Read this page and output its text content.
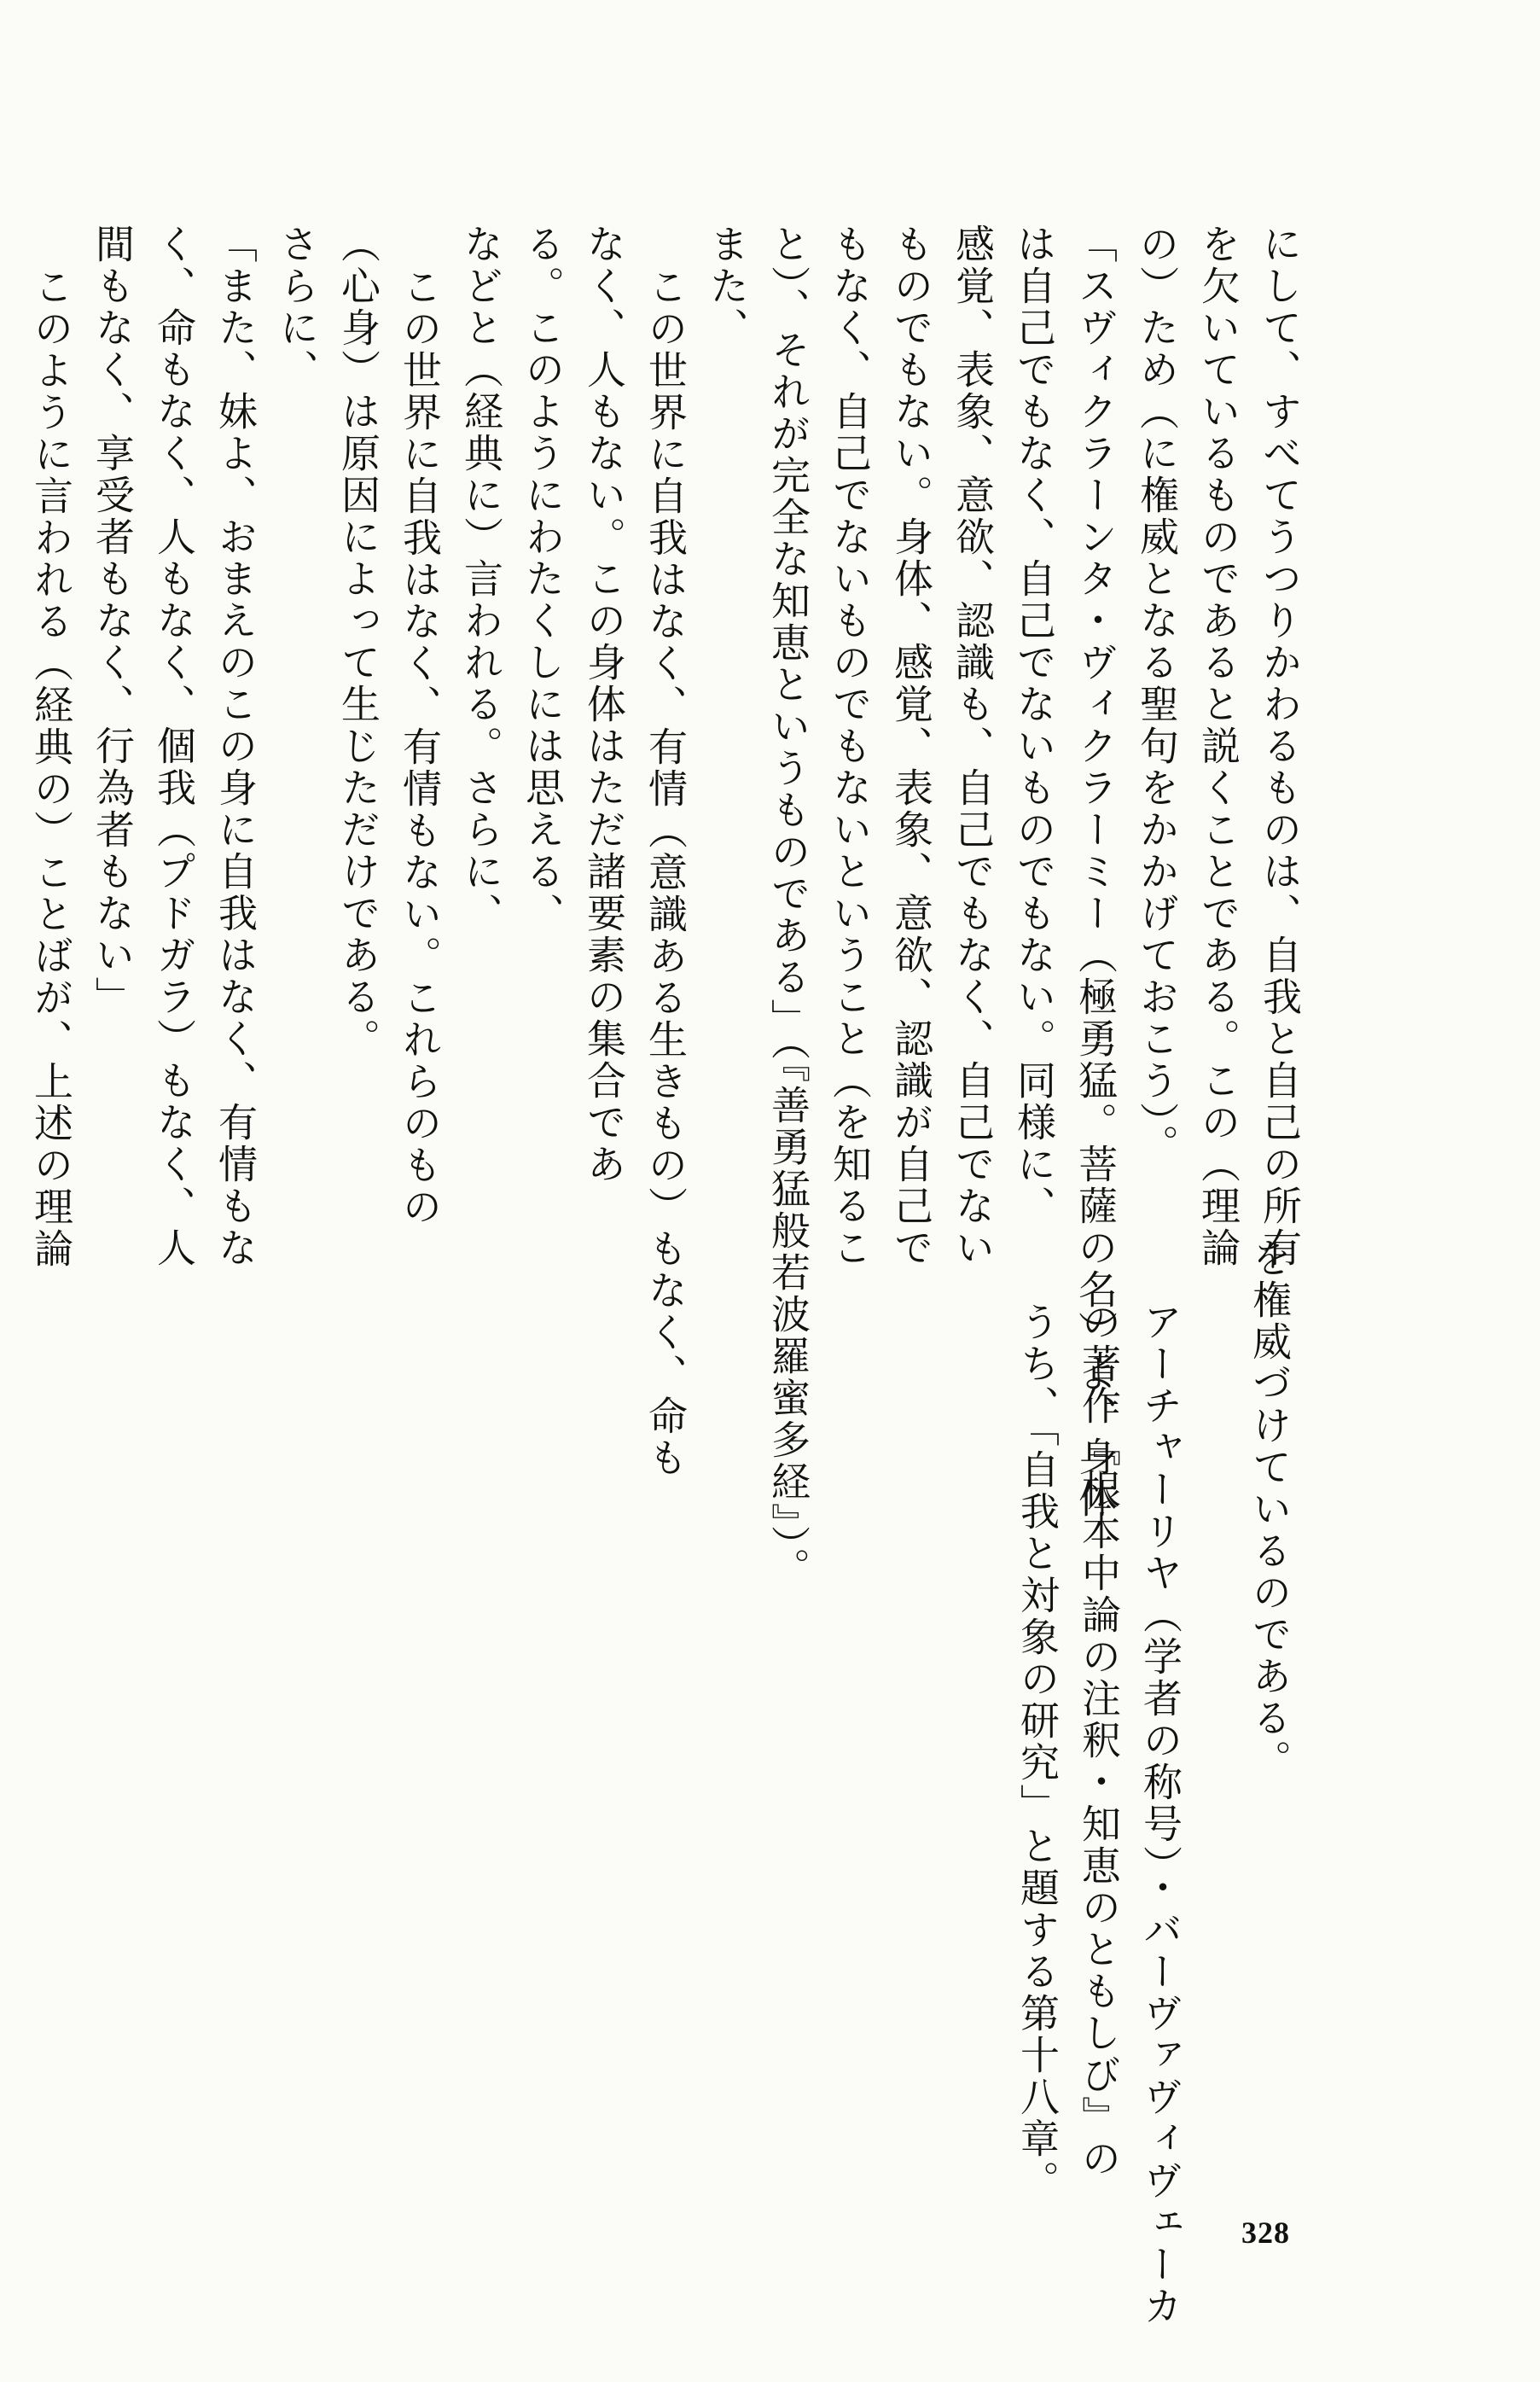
にして、すべてうつりかわるものは、自我と自己の所有
を欠いているものであると説くことである。この（理論
の）ため（に権威となる聖句をかかげておこう）。
「スヴィクラーンタ・ヴィクラーミー（極勇猛。菩薩の名）よ、身体
は自己でもなく、自己でないものでもない。同様に、
感覚、表象、意欲、認識も、自己でもなく、自己でない
ものでもない。身体、感覚、表象、意欲、認識が自己で
もなく、自己でないものでもないということ（を知るこ
と）、それが完全な知恵というものである」（『善勇猛般若波羅蜜多経』）。
また、
この世界に自我はなく、有情（意識ある生きもの）もなく、命も
なく、人もない。この身体はただ諸要素の集合であ
る。このようにわたくしには思える、
などと（経典に）言われる。さらに、
この世界に自我はなく、有情もない。これらのもの
（心身）は原因によって生じただけである。
さらに、
「また、妹よ、おまえのこの身に自我はなく、有情もな
く、命もなく、人もなく、個我（プドガラ）もなく、人
間もなく、享受者もなく、行為者もない」
このように言われる（経典の）ことばが、上述の理論
を権威づけているのである。
アーチャーリヤ（学者の称号）・バーヴァヴィヴェーカ
の著作『根本中論の注釈・知恵のともしび』の
うち、「自我と対象の研究」と題する第十八章。
328
